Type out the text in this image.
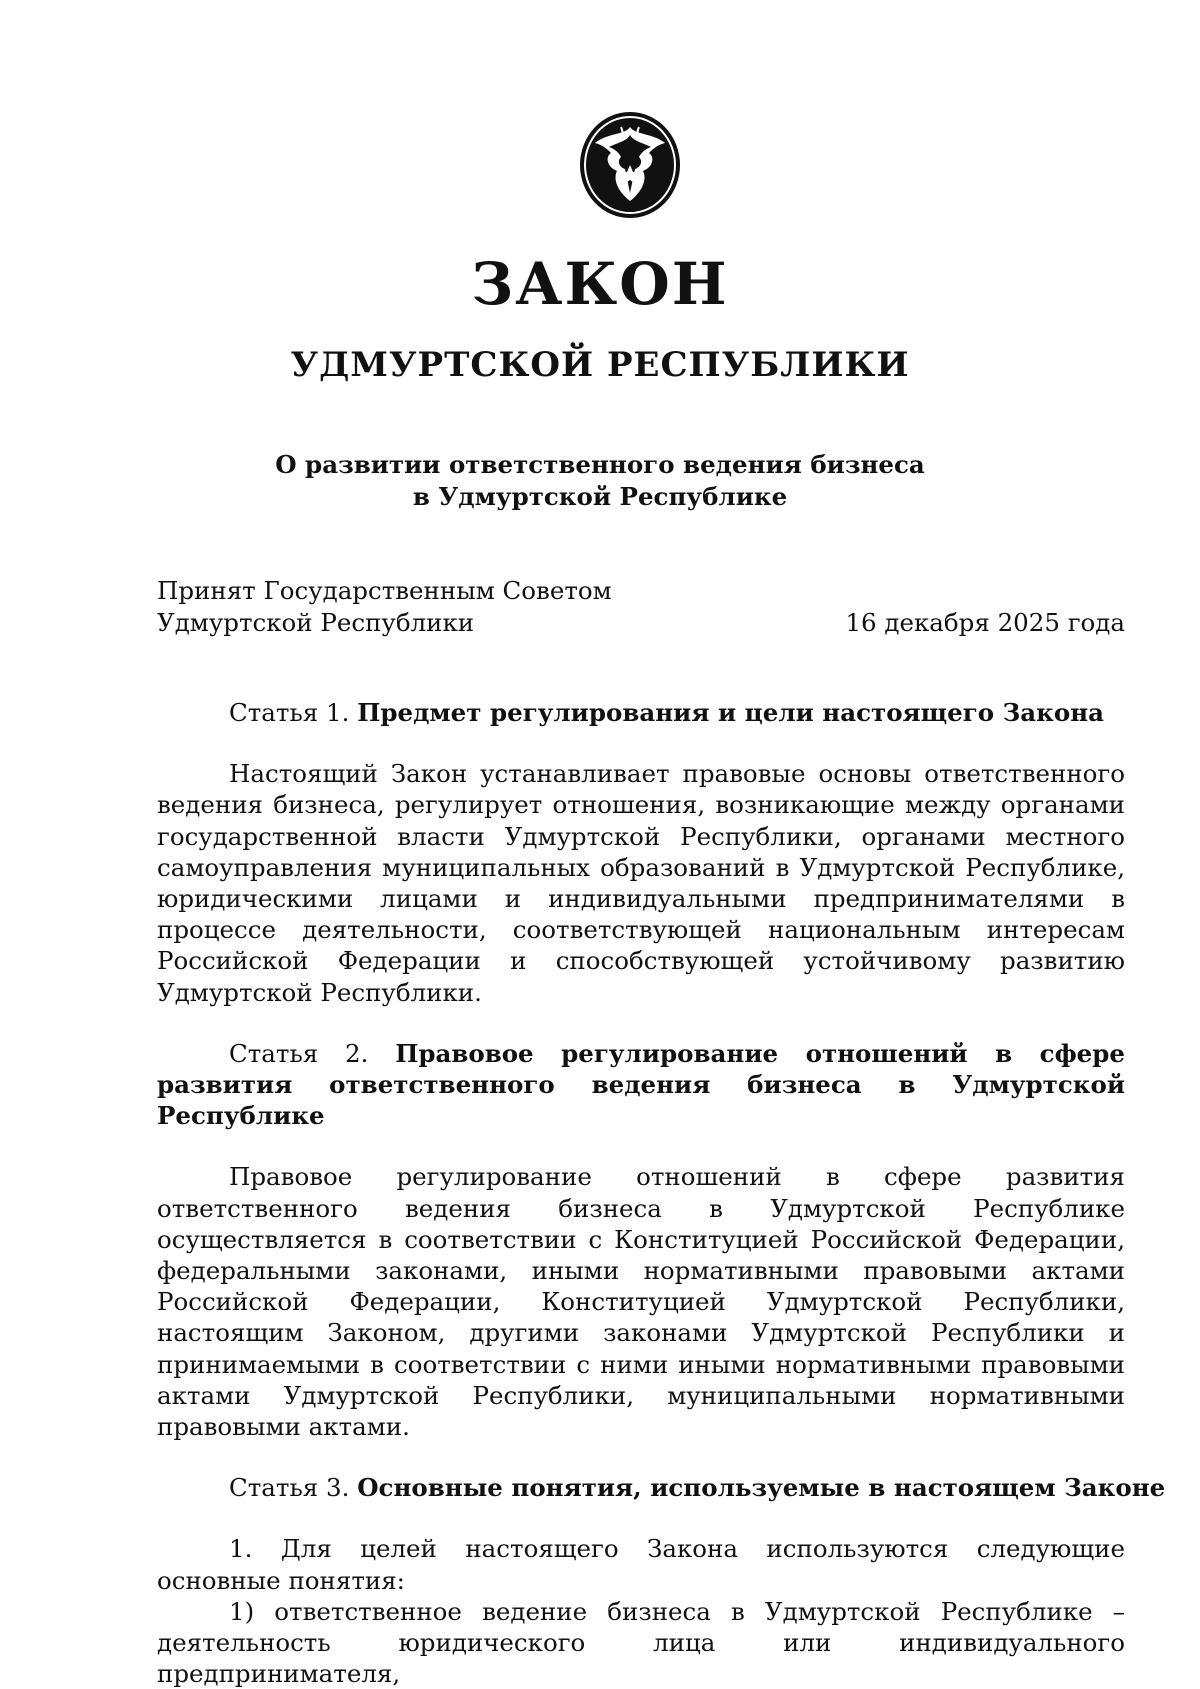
ЗАКОН
УДМУРТСКОЙ РЕСПУБЛИКИ
О развитии ответственного ведения бизнеса
в Удмуртской Республике
Принят Государственным Советом
Удмуртской Республики	16 декабря 2025 года
Статья 1. Предмет регулирования и цели настоящего Закона

Настоящий Закон устанавливает правовые основы ответственного ведения бизнеса, регулирует отношения, возникающие между органами государственной власти Удмуртской Республики, органами местного самоуправления муниципальных образований в Удмуртской Республике, юридическими лицами и индивидуальными предпринимателями в процессе деятельности, соответствующей национальным интересам Российской Федерации и способствующей устойчивому развитию Удмуртской Республики.

Статья 2. Правовое регулирование отношений в сфере развития ответственного ведения бизнеса в Удмуртской Республике

Правовое регулирование отношений в сфере развития ответственного ведения бизнеса в Удмуртской Республике осуществляется в соответствии с Конституцией Российской Федерации, федеральными законами, иными нормативными правовыми актами Российской Федерации, Конституцией Удмуртской Республики, настоящим Законом, другими законами Удмуртской Республики и принимаемыми в соответствии с ними иными нормативными правовыми актами Удмуртской Республики, муниципальными нормативными правовыми актами.

Статья 3. Основные понятия, используемые в настоящем Законе

1. Для целей настоящего Закона используются следующие основные понятия:

1) ответственное ведение бизнеса в Удмуртской Республике – деятельность юридического лица или индивидуального предпринимателя,
